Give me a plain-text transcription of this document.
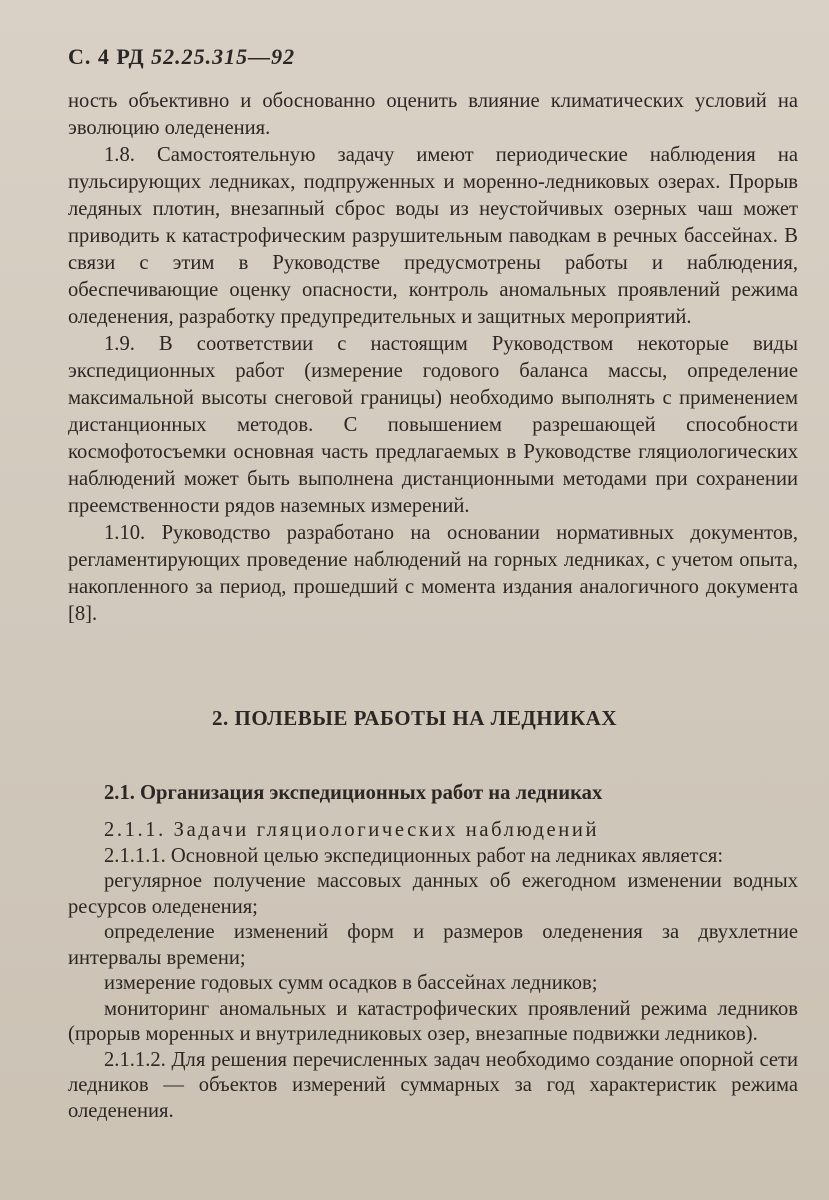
С. 4 РД 52.25.315—92

ность объективно и обоснованно оценить влияние климатических условий на эволюцию оледенения.

1.8. Самостоятельную задачу имеют периодические наблюдения на пульсирующих ледниках, подпруженных и моренно-ледниковых озерах. Прорыв ледяных плотин, внезапный сброс воды из неустойчивых озерных чаш может приводить к катастрофическим разрушительным паводкам в речных бассейнах. В связи с этим в Руководстве предусмотрены работы и наблюдения, обеспечивающие оценку опасности, контроль аномальных проявлений режима оледенения, разработку предупредительных и защитных мероприятий.

1.9. В соответствии с настоящим Руководством некоторые виды экспедиционных работ (измерение годового баланса массы, определение максимальной высоты снеговой границы) необходимо выполнять с применением дистанционных методов. С повышением разрешающей способности космофотосъемки основная часть предлагаемых в Руководстве гляциологических наблюдений может быть выполнена дистанционными методами при сохранении преемственности рядов наземных измерений.

1.10. Руководство разработано на основании нормативных документов, регламентирующих проведение наблюдений на горных ледниках, с учетом опыта, накопленного за период, прошедший с момента издания аналогичного документа [8].

2. ПОЛЕВЫЕ РАБОТЫ НА ЛЕДНИКАХ
2.1. Организация экспедиционных работ на ледниках

2.1.1. Задачи гляциологических наблюдений

2.1.1.1. Основной целью экспедиционных работ на ледниках является:

регулярное получение массовых данных об ежегодном изменении водных ресурсов оледенения;

определение изменений форм и размеров оледенения за двухлетние интервалы времени;

измерение годовых сумм осадков в бассейнах ледников;

мониторинг аномальных и катастрофических проявлений режима ледников (прорыв моренных и внутриледниковых озер, внезапные подвижки ледников).

2.1.1.2. Для решения перечисленных задач необходимо создание опорной сети ледников — объектов измерений суммарных за год характеристик режима оледенения.
